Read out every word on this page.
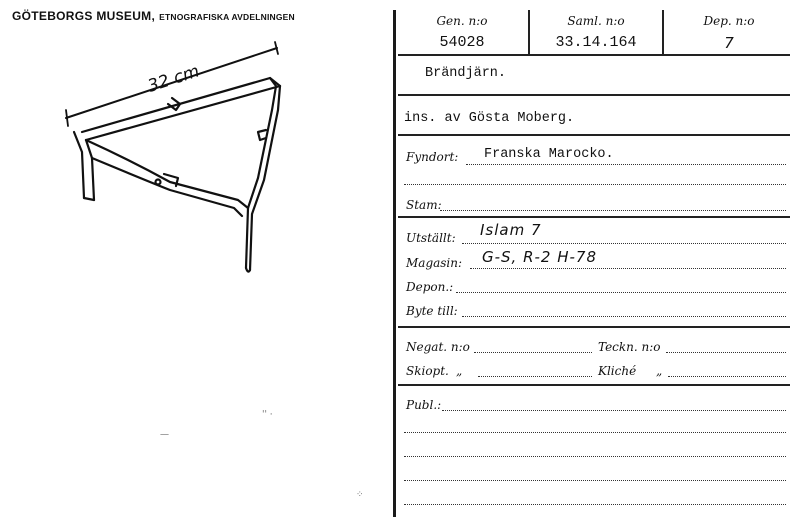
GÖTEBORGS MUSEUM, ETNOGRAFISKA AVDELNINGEN
32 cm
—
'' ·
⁘
Gen. n:o
54028
Saml. n:o
33.14.164
Dep. n:o
7
Brändjärn.
ins. av Gösta Moberg.
Fyndort: Franska Marocko.
Stam:
Utställt: Islam 7
Magasin: G-S, R-2 H-78
Depon.:
Byte till:
Negat. n:o	Teckn. n:o
Skiopt. „	Kliché „
Publ.:
